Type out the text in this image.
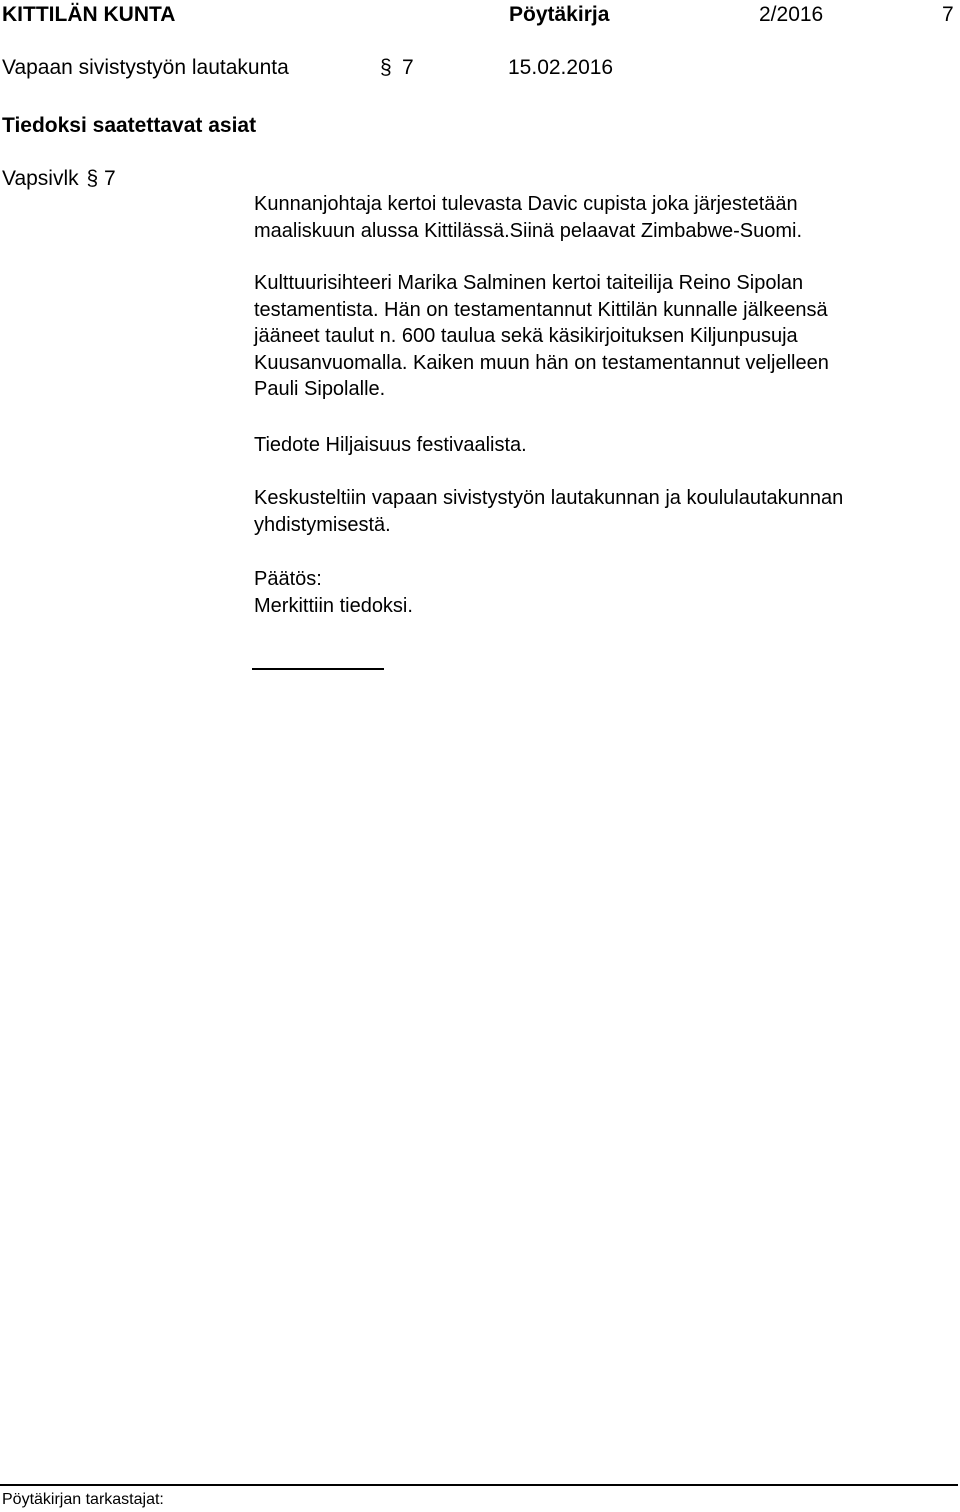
KITTILÄN KUNTA	Pöytäkirja	2/2016	7
Vapaan sivistystyön lautakunta	§ 7	15.02.2016
Tiedoksi saatettavat asiat
Vapsivlk § 7

Kunnanjohtaja kertoi tulevasta Davic cupista joka järjestetään

maaliskuun alussa Kittilässä.Siinä pelaavat Zimbabwe-Suomi.

Kulttuurisihteeri Marika Salminen kertoi taiteilija Reino Sipolan

testamentista. Hän on testamentannut Kittilän kunnalle jälkeensä

jääneet taulut n. 600 taulua sekä käsikirjoituksen Kiljunpusuja

Kuusanvuomalla. Kaiken muun hän on testamentannut veljelleen

Pauli Sipolalle.

Tiedote Hiljaisuus festivaalista.

Keskusteltiin vapaan sivistystyön lautakunnan ja koululautakunnan

yhdistymisestä.

Päätös:

Merkittiin tiedoksi.

Pöytäkirjan tarkastajat:
